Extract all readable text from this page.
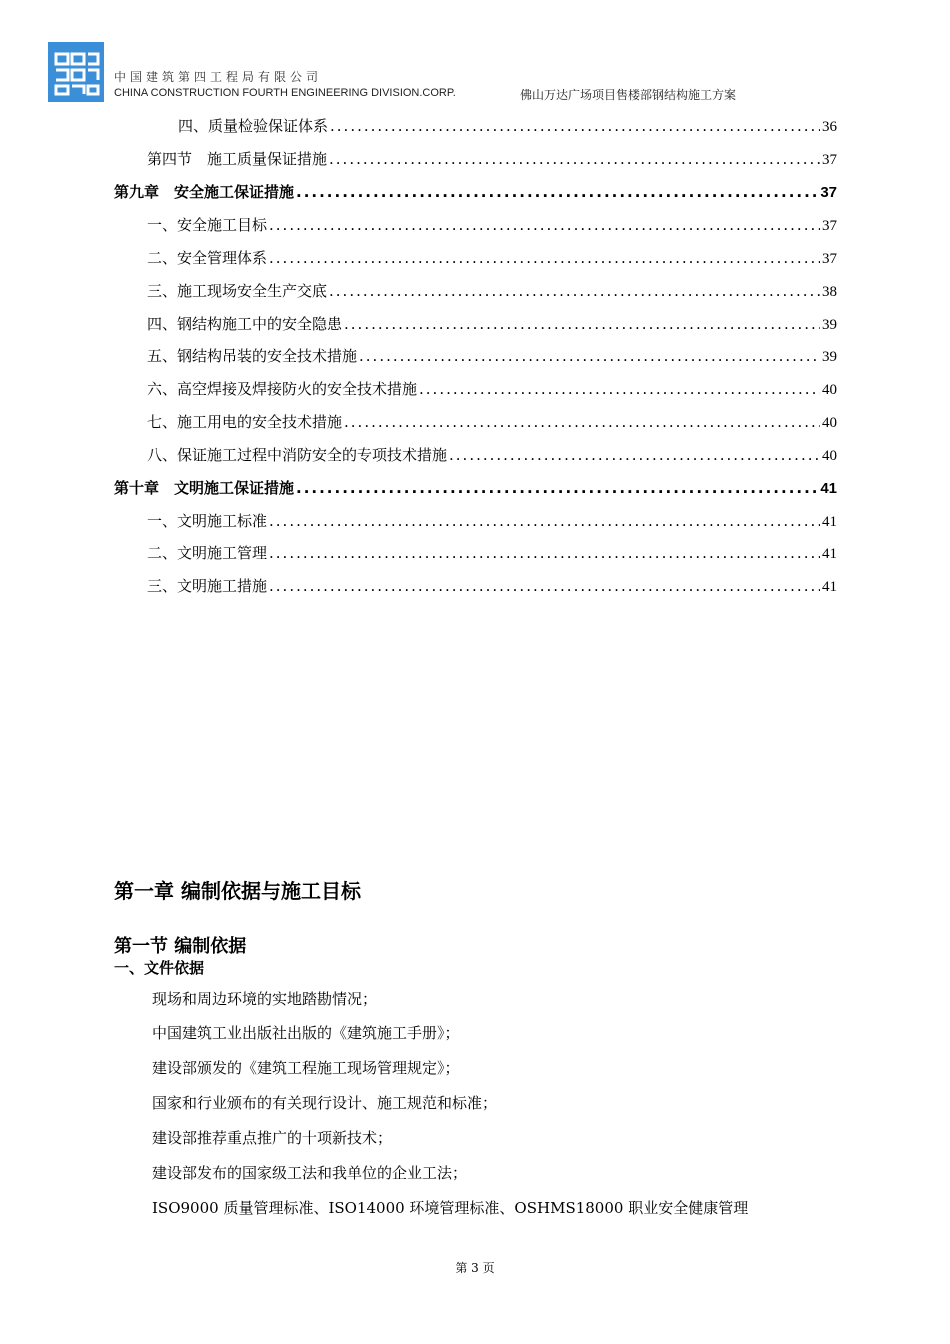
中国建筑第四工程局有限公司
CHINA CONSTRUCTION FOURTH ENGINEERING DIVISION.CORP.	佛山万达广场项目售楼部钢结构施工方案
四、质量检验保证体系 .....	36
第四节　施工质量保证措施 .....	37
第九章　安全施工保证措施 .....	37
一、安全施工目标 .....	37
二、安全管理体系 .....	37
三、施工现场安全生产交底 .....	38
四、钢结构施工中的安全隐患 .....	39
五、钢结构吊装的安全技术措施 .....	39
六、高空焊接及焊接防火的安全技术措施 .....	40
七、施工用电的安全技术措施 .....	40
八、保证施工过程中消防安全的专项技术措施 .....	40
第十章　文明施工保证措施 .....	41
一、文明施工标准 .....	41
二、文明施工管理 .....	41
三、文明施工措施 .....	41
第一章 编制依据与施工目标
第一节 编制依据
一、文件依据
现场和周边环境的实地踏勘情况；
中国建筑工业出版社出版的《建筑施工手册》；
建设部颁发的《建筑工程施工现场管理规定》；
国家和行业颁布的有关现行设计、施工规范和标准；
建设部推荐重点推广的十项新技术；
建设部发布的国家级工法和我单位的企业工法；
ISO9000 质量管理标准、ISO14000 环境管理标准、OSHMS18000 职业安全健康管理
第 3 页
